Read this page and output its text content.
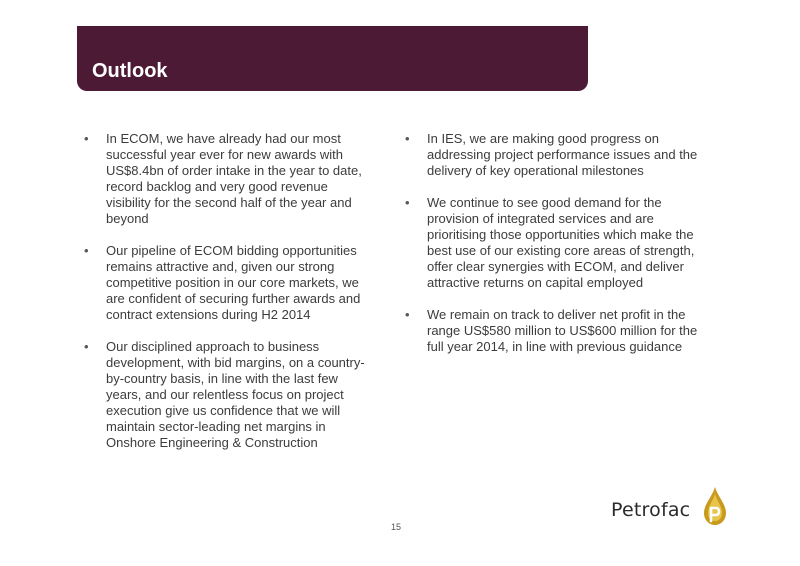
Outlook
• In ECOM, we have already had our most successful year ever for new awards with US$8.4bn of order intake in the year to date, record backlog and very good revenue visibility for the second half of the year and beyond
• Our pipeline of ECOM bidding opportunities remains attractive and, given our strong competitive position in our core markets, we are confident of securing further awards and contract extensions during H2 2014
• Our disciplined approach to business development, with bid margins, on a country-by-country basis, in line with the last few years, and our relentless focus on project execution give us confidence that we will maintain sector-leading net margins in Onshore Engineering & Construction
• In IES, we are making good progress on addressing project performance issues and the delivery of key operational milestones
• We continue to see good demand for the provision of integrated services and are prioritising those opportunities which make the best use of our existing core areas of strength, offer clear synergies with ECOM, and deliver attractive returns on capital employed
• We remain on track to deliver net profit in the range US$580 million to US$600 million for the full year 2014, in line with previous guidance
15
Petrofac
